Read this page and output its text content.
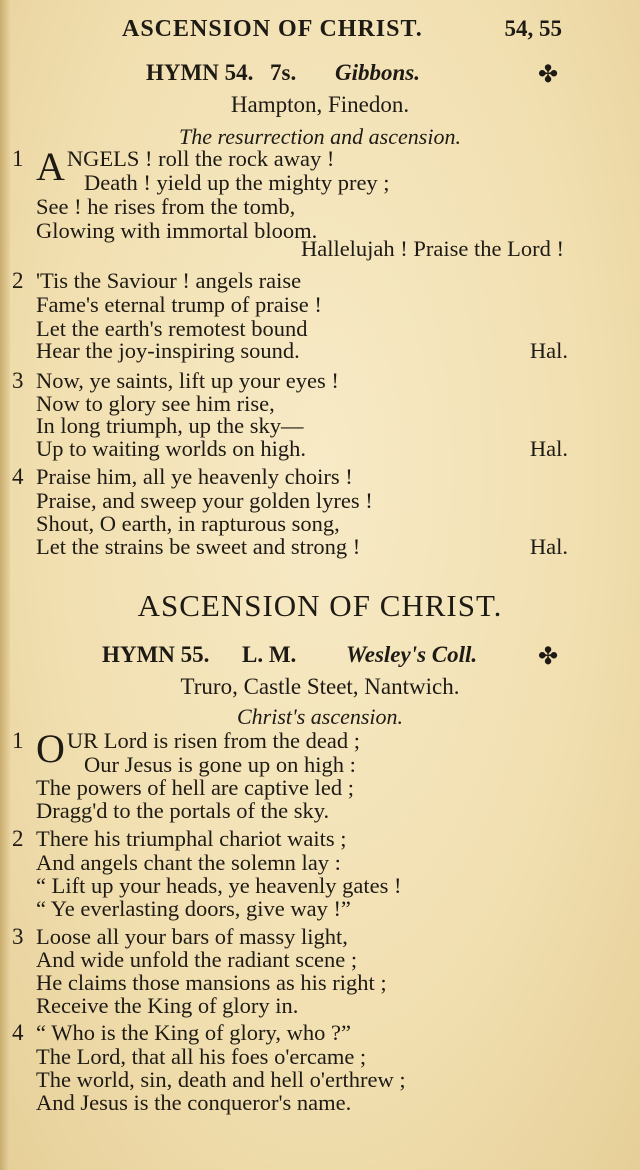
ASCENSION OF CHRIST.	54, 55
HYMN 54. 7s. Gibbons.	✤
Hampton, Finedon.
The resurrection and ascension.
1 ANGELS ! roll the rock away !
Death ! yield up the mighty prey ;
See ! he rises from the tomb,
Glowing with immortal bloom.
Hallelujah ! Praise the Lord !
2 'Tis the Saviour ! angels raise
Fame's eternal trump of praise !
Let the earth's remotest bound
Hear the joy-inspiring sound.	Hal.
3 Now, ye saints, lift up your eyes !
Now to glory see him rise,
In long triumph, up the sky—
Up to waiting worlds on high.	Hal.
4 Praise him, all ye heavenly choirs !
Praise, and sweep your golden lyres !
Shout, O earth, in rapturous song,
Let the strains be sweet and strong !	Hal.
ASCENSION OF CHRIST.
HYMN 55. L. M. Wesley's Coll.	✤
Truro, Castle Steet, Nantwich.
Christ's ascension.
1 OUR Lord is risen from the dead ;
Our Jesus is gone up on high :
The powers of hell are captive led ;
Dragg'd to the portals of the sky.
2 There his triumphal chariot waits ;
And angels chant the solemn lay :
“ Lift up your heads, ye heavenly gates !
“ Ye everlasting doors, give way !”
3 Loose all your bars of massy light,
And wide unfold the radiant scene ;
He claims those mansions as his right ;
Receive the King of glory in.
4 “ Who is the King of glory, who ?”
The Lord, that all his foes o'ercame ;
The world, sin, death and hell o'erthrew ;
And Jesus is the conqueror's name.
